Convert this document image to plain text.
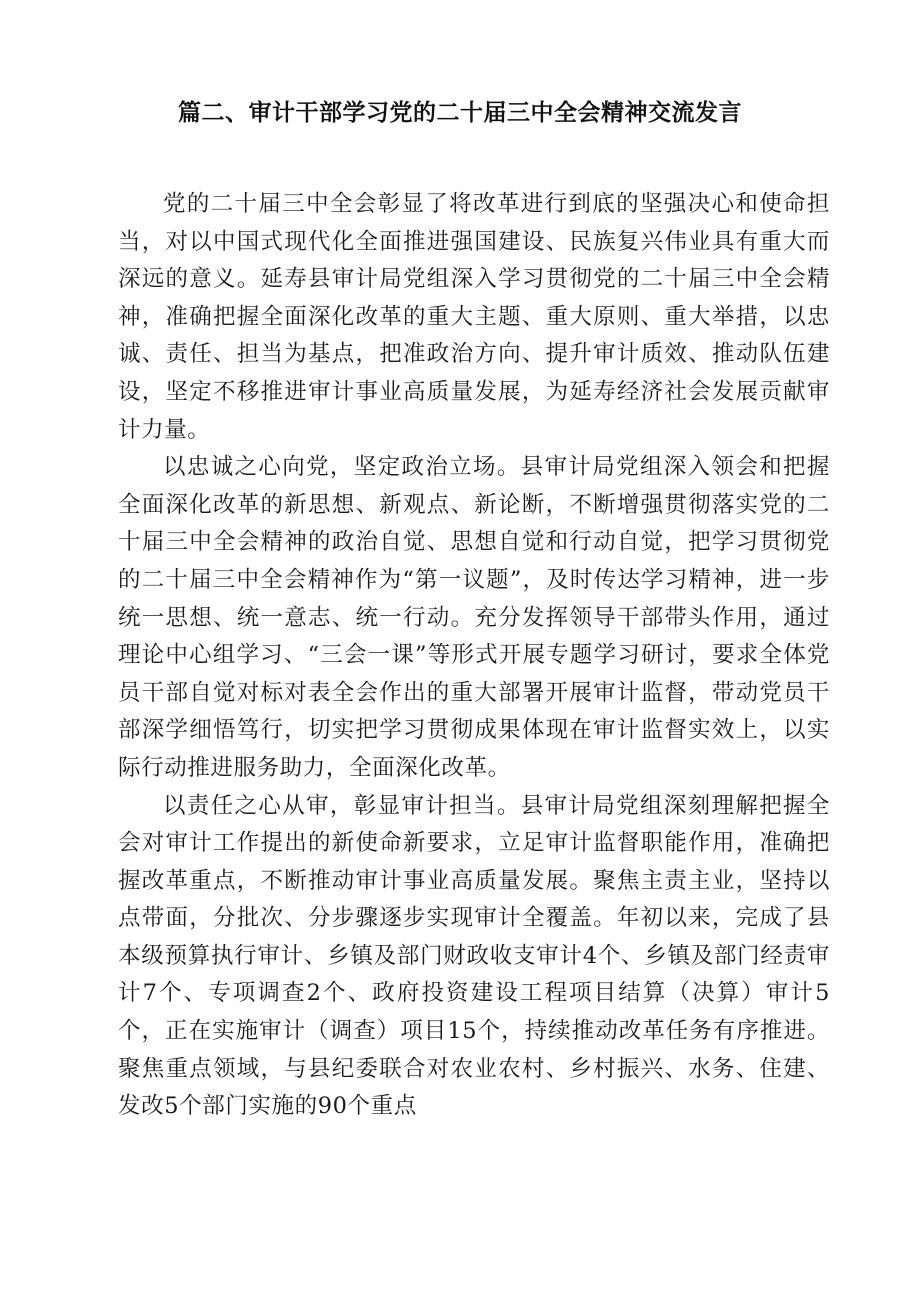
篇二、审计干部学习党的二十届三中全会精神交流发言

党的二十届三中全会彰显了将改革进行到底的坚强决心和使命担当，对以中国式现代化全面推进强国建设、民族复兴伟业具有重大而深远的意义。延寿县审计局党组深入学习贯彻党的二十届三中全会精神，准确把握全面深化改革的重大主题、重大原则、重大举措，以忠诚、责任、担当为基点，把准政治方向、提升审计质效、推动队伍建设，坚定不移推进审计事业高质量发展，为延寿经济社会发展贡献审计力量。

以忠诚之心向党，坚定政治立场。县审计局党组深入领会和把握全面深化改革的新思想、新观点、新论断，不断增强贯彻落实党的二十届三中全会精神的政治自觉、思想自觉和行动自觉，把学习贯彻党的二十届三中全会精神作为“第一议题”，及时传达学习精神，进一步统一思想、统一意志、统一行动。充分发挥领导干部带头作用，通过理论中心组学习、“三会一课”等形式开展专题学习研讨，要求全体党员干部自觉对标对表全会作出的重大部署开展审计监督，带动党员干部深学细悟笃行，切实把学习贯彻成果体现在审计监督实效上，以实际行动推进服务助力，全面深化改革。

以责任之心从审，彰显审计担当。县审计局党组深刻理解把握全会对审计工作提出的新使命新要求，立足审计监督职能作用，准确把握改革重点，不断推动审计事业高质量发展。聚焦主责主业，坚持以点带面，分批次、分步骤逐步实现审计全覆盖。年初以来，完成了县本级预算执行审计、乡镇及部门财政收支审计4个、乡镇及部门经责审计7个、专项调查2个、政府投资建设工程项目结算（决算）审计5个，正在实施审计（调查）项目15个，持续推动改革任务有序推进。聚焦重点领域，与县纪委联合对农业农村、乡村振兴、水务、住建、发改5个部门实施的90个重点
